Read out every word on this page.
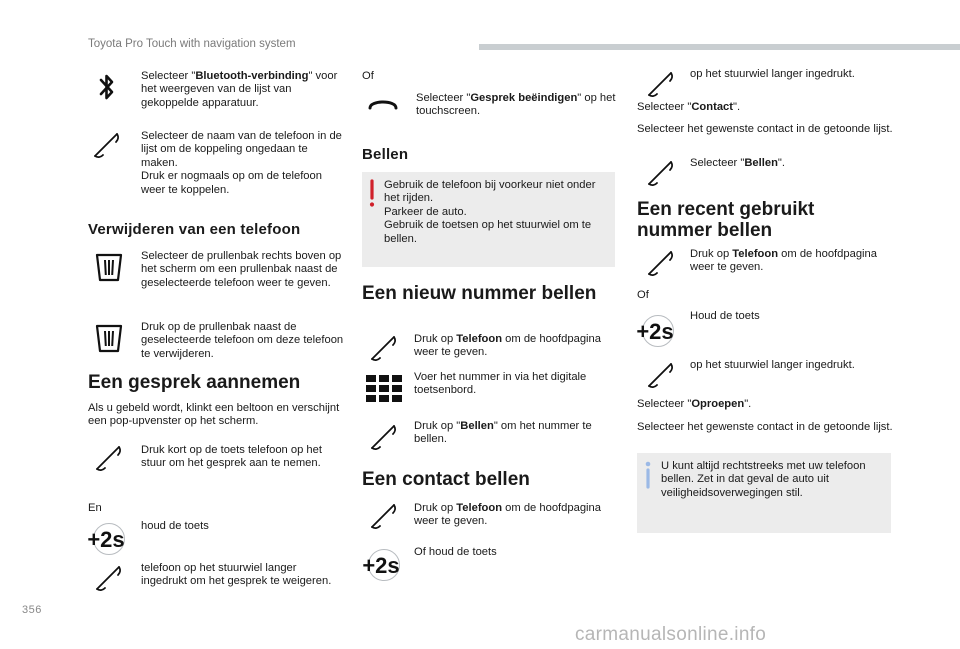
Toyota Pro Touch with navigation system
Selecteer "Bluetooth-verbinding" voor het weergeven van de lijst van gekoppelde apparatuur.
Selecteer de naam van de telefoon in de lijst om de koppeling ongedaan te maken.
Druk er nogmaals op om de telefoon weer te koppelen.
Verwijderen van een telefoon
Selecteer de prullenbak rechts boven op het scherm om een prullenbak naast de geselecteerde telefoon weer te geven.
Druk op de prullenbak naast de geselecteerde telefoon om deze telefoon te verwijderen.
Een gesprek aannemen
Als u gebeld wordt, klinkt een beltoon en verschijnt een pop-upvenster op het scherm.
Druk kort op de toets telefoon op het stuur om het gesprek aan te nemen.
En
+2s
houd de toets
telefoon op het stuurwiel langer ingedrukt om het gesprek te weigeren.
Of
Selecteer "Gesprek beëindigen" op het touchscreen.
Bellen
Gebruik de telefoon bij voorkeur niet onder het rijden.
Parkeer de auto.
Gebruik de toetsen op het stuurwiel om te bellen.
Een nieuw nummer bellen
Druk op Telefoon om de hoofdpagina weer te geven.
Voer het nummer in via het digitale toetsenbord.
Druk op "Bellen" om het nummer te bellen.
Een contact bellen
Druk op Telefoon om de hoofdpagina weer te geven.
+2s
Of houd de toets
op het stuurwiel langer ingedrukt.
Selecteer "Contact".
Selecteer het gewenste contact in de getoonde lijst.
Selecteer "Bellen".
Een recent gebruikt nummer bellen
Druk op Telefoon om de hoofdpagina weer te geven.
Of
+2s
Houd de toets
op het stuurwiel langer ingedrukt.
Selecteer "Oproepen".
Selecteer het gewenste contact in de getoonde lijst.
U kunt altijd rechtstreeks met uw telefoon bellen. Zet in dat geval de auto uit veiligheidsoverwegingen stil.
356
carmanualsonline.info
